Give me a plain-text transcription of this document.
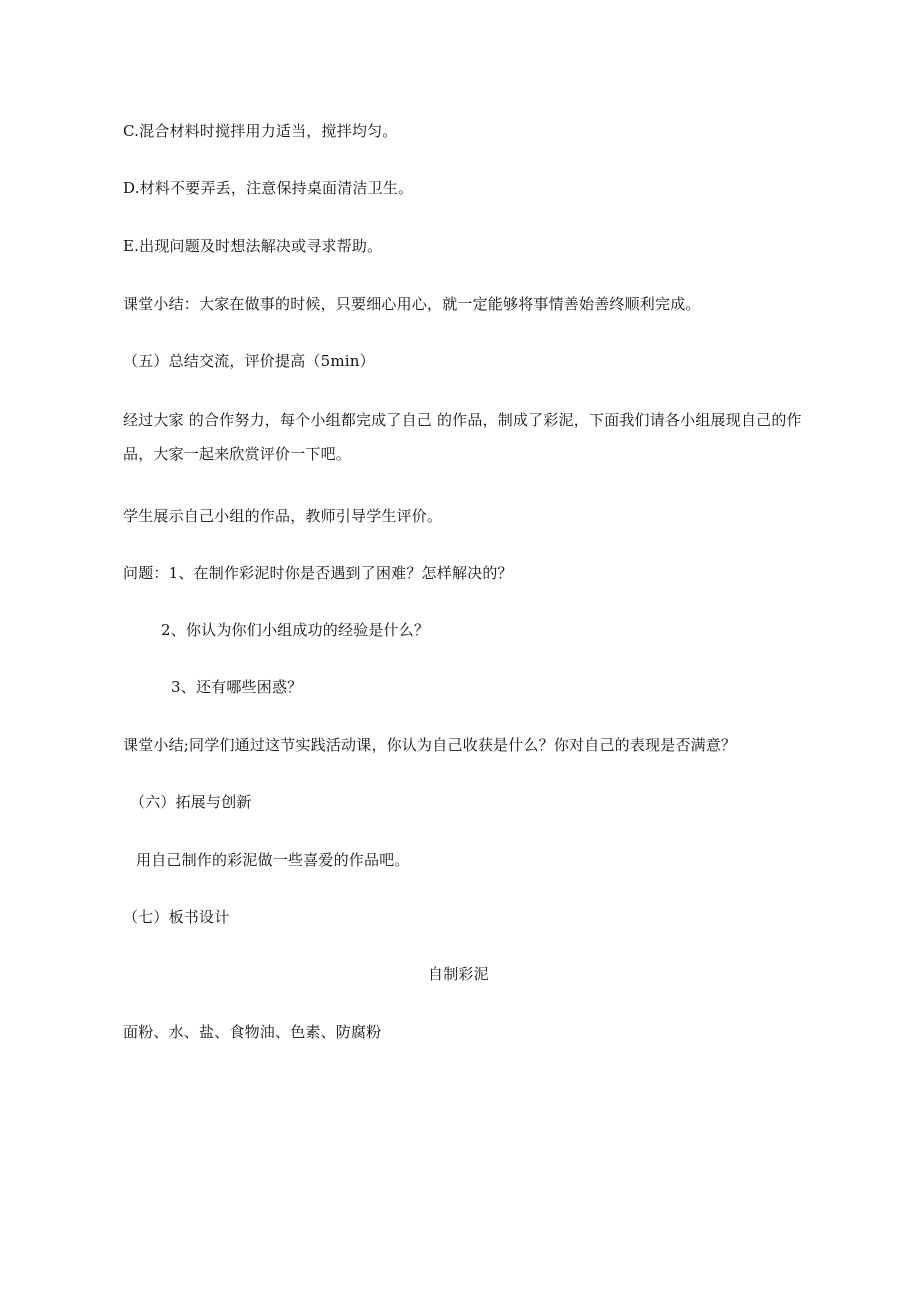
C.混合材料时搅拌用力适当，搅拌均匀。
D.材料不要弄丢，注意保持桌面清洁卫生。
E.出现问题及时想法解决或寻求帮助。
课堂小结：大家在做事的时候，只要细心用心，就一定能够将事情善始善终顺利完成。
（五）总结交流，评价提高（5min）
经过大家 的合作努力，每个小组都完成了自己 的作品，制成了彩泥，下面我们请各小组展现自己的作品，大家一起来欣赏评价一下吧。
学生展示自己小组的作品，教师引导学生评价。
问题：1、在制作彩泥时你是否遇到了困难？怎样解决的？
2、你认为你们小组成功的经验是什么？
3、还有哪些困惑？
课堂小结;同学们通过这节实践活动课，你认为自己收获是什么？你对自己的表现是否满意？
（六）拓展与创新
用自己制作的彩泥做一些喜爱的作品吧。
（七）板书设计
自制彩泥
面粉、水、盐、食物油、色素、防腐粉
